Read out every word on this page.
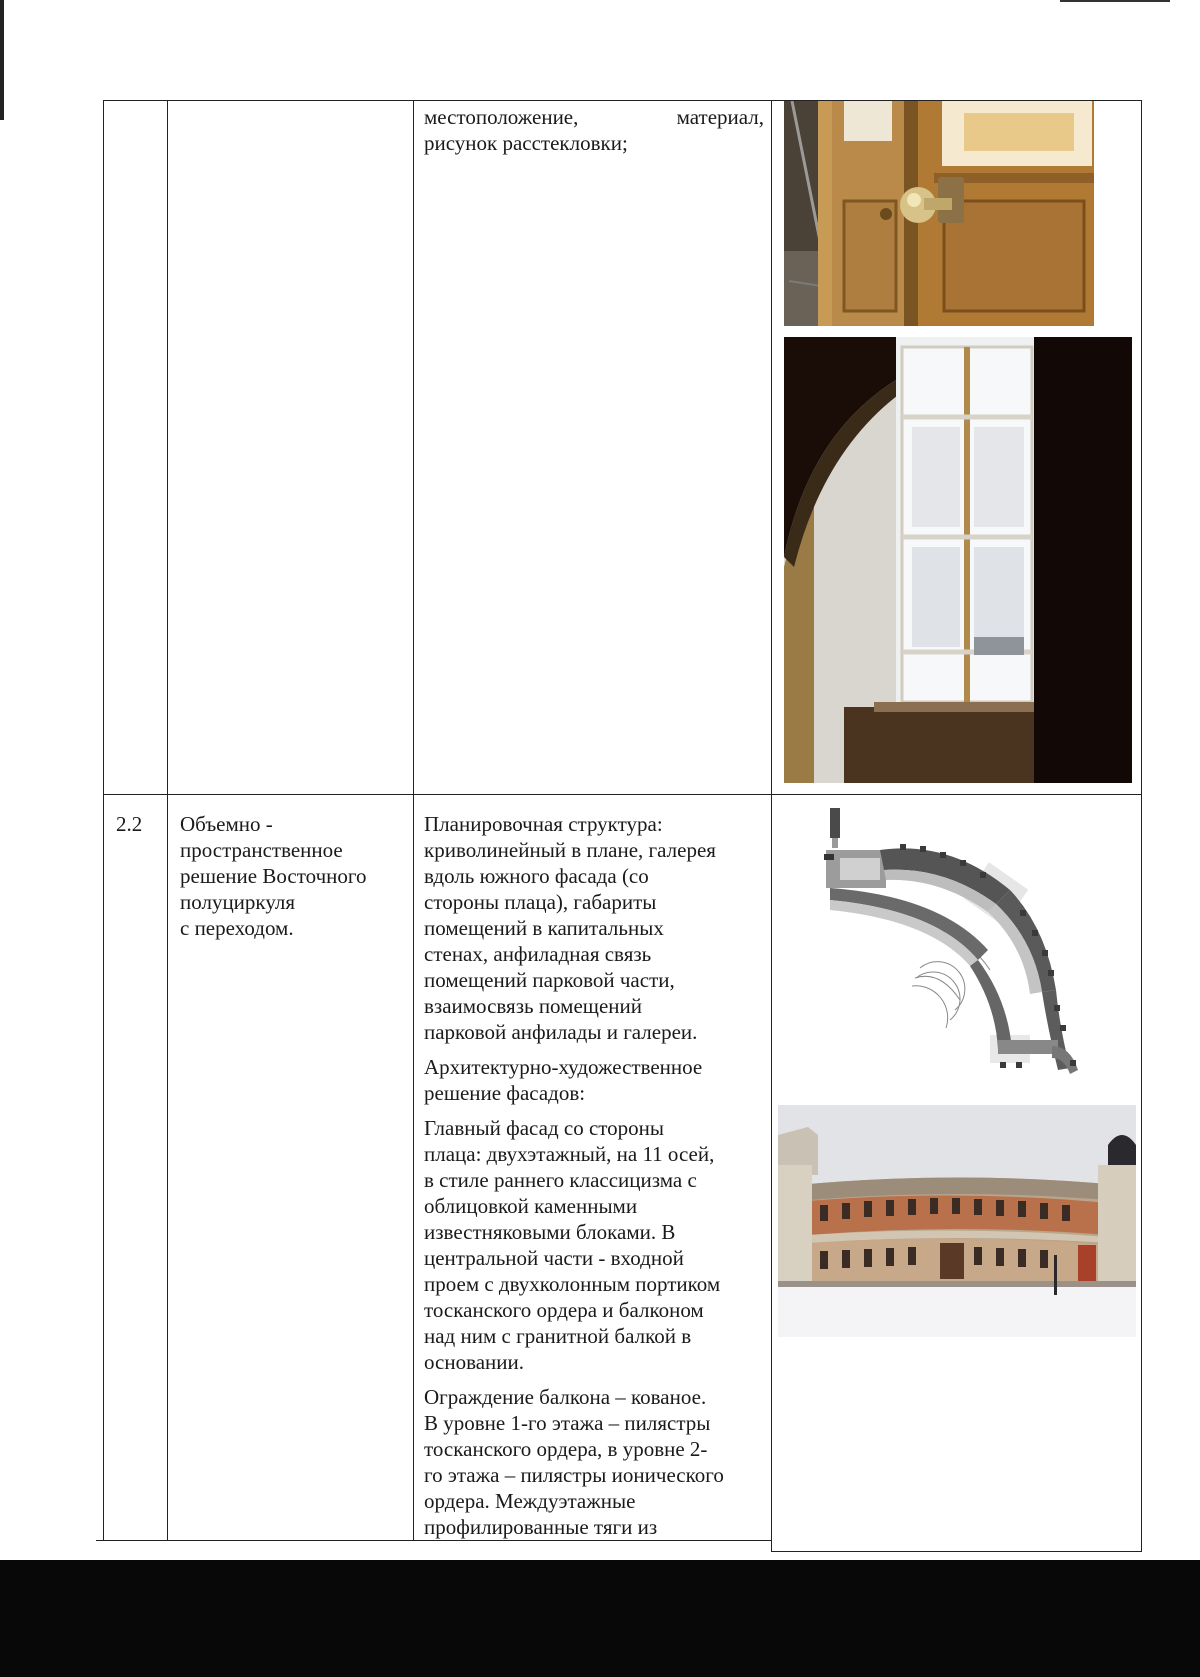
местоположение,	материал,
рисунок расстекловки;
2.2	Объемно -
пространственное
решение Восточного
полуциркуля
с переходом.
Планировочная структура:
криволинейный в плане, галерея
вдоль южного фасада (со
стороны плаца), габариты
помещений в капитальных
стенах, анфиладная связь
помещений парковой части,
взаимосвязь помещений
парковой анфилады и галереи.
Архитектурно-художественное
решение фасадов:
Главный фасад со стороны
плаца: двухэтажный, на 11 осей,
в стиле раннего классицизма с
облицовкой каменными
известняковыми блоками. В
центральной части - входной
проем с двухколонным портиком
тосканского ордера и балконом
над ним с гранитной балкой в
основании.
Ограждение балкона – кованое.
В уровне 1-го этажа – пилястры
тосканского ордера, в уровне 2-
го этажа – пилястры ионического
ордера. Междуэтажные
профилированные тяги из
